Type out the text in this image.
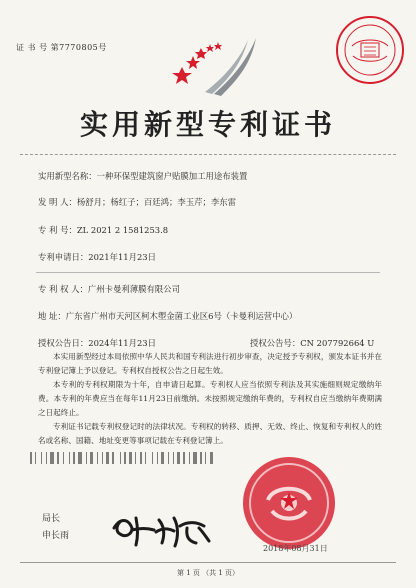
证 书 号 第7770805号
实用新型专利证书
实用新型名称：一种环保型建筑窗户贴膜加工用途布装置
发 明 人：杨舒月；杨红子；百廷鸿；李玉芹；李东雷
专 利 号：ZL 2021 2 1581253.8
专利申请日：2021年11月23日
专 利 权 人：广州卡曼利薄膜有限公司
地 址：广东省广州市天河区柯木塱金菌工业区6号（卡曼利运营中心）
授权公告日：2024年11月23日	授权公告号：CN 207792664 U

本实用新型经过本局依照中华人民共和国专利法进行初步审查，决定授予专利权，颁发本证书并在专利登记簿上予以登记。专利权自授权公告之日起生效。

本专利的专利权期限为十年，自申请日起算。专利权人应当依照专利法及其实施细则规定缴纳年费。本专利的年费应当在每年11月23日前缴纳。未按照规定缴纳年费的，专利权自应当缴纳年费期满之日起终止。

专利证书记载专利权登记时的法律状况。专利权的转移、质押、无效、终止、恢复和专利权人的姓名或名称、国籍、地址变更等事项记载在专利登记簿上。

局长
申长雨
2018年08月31日
第 1 页 （共 1 页）
